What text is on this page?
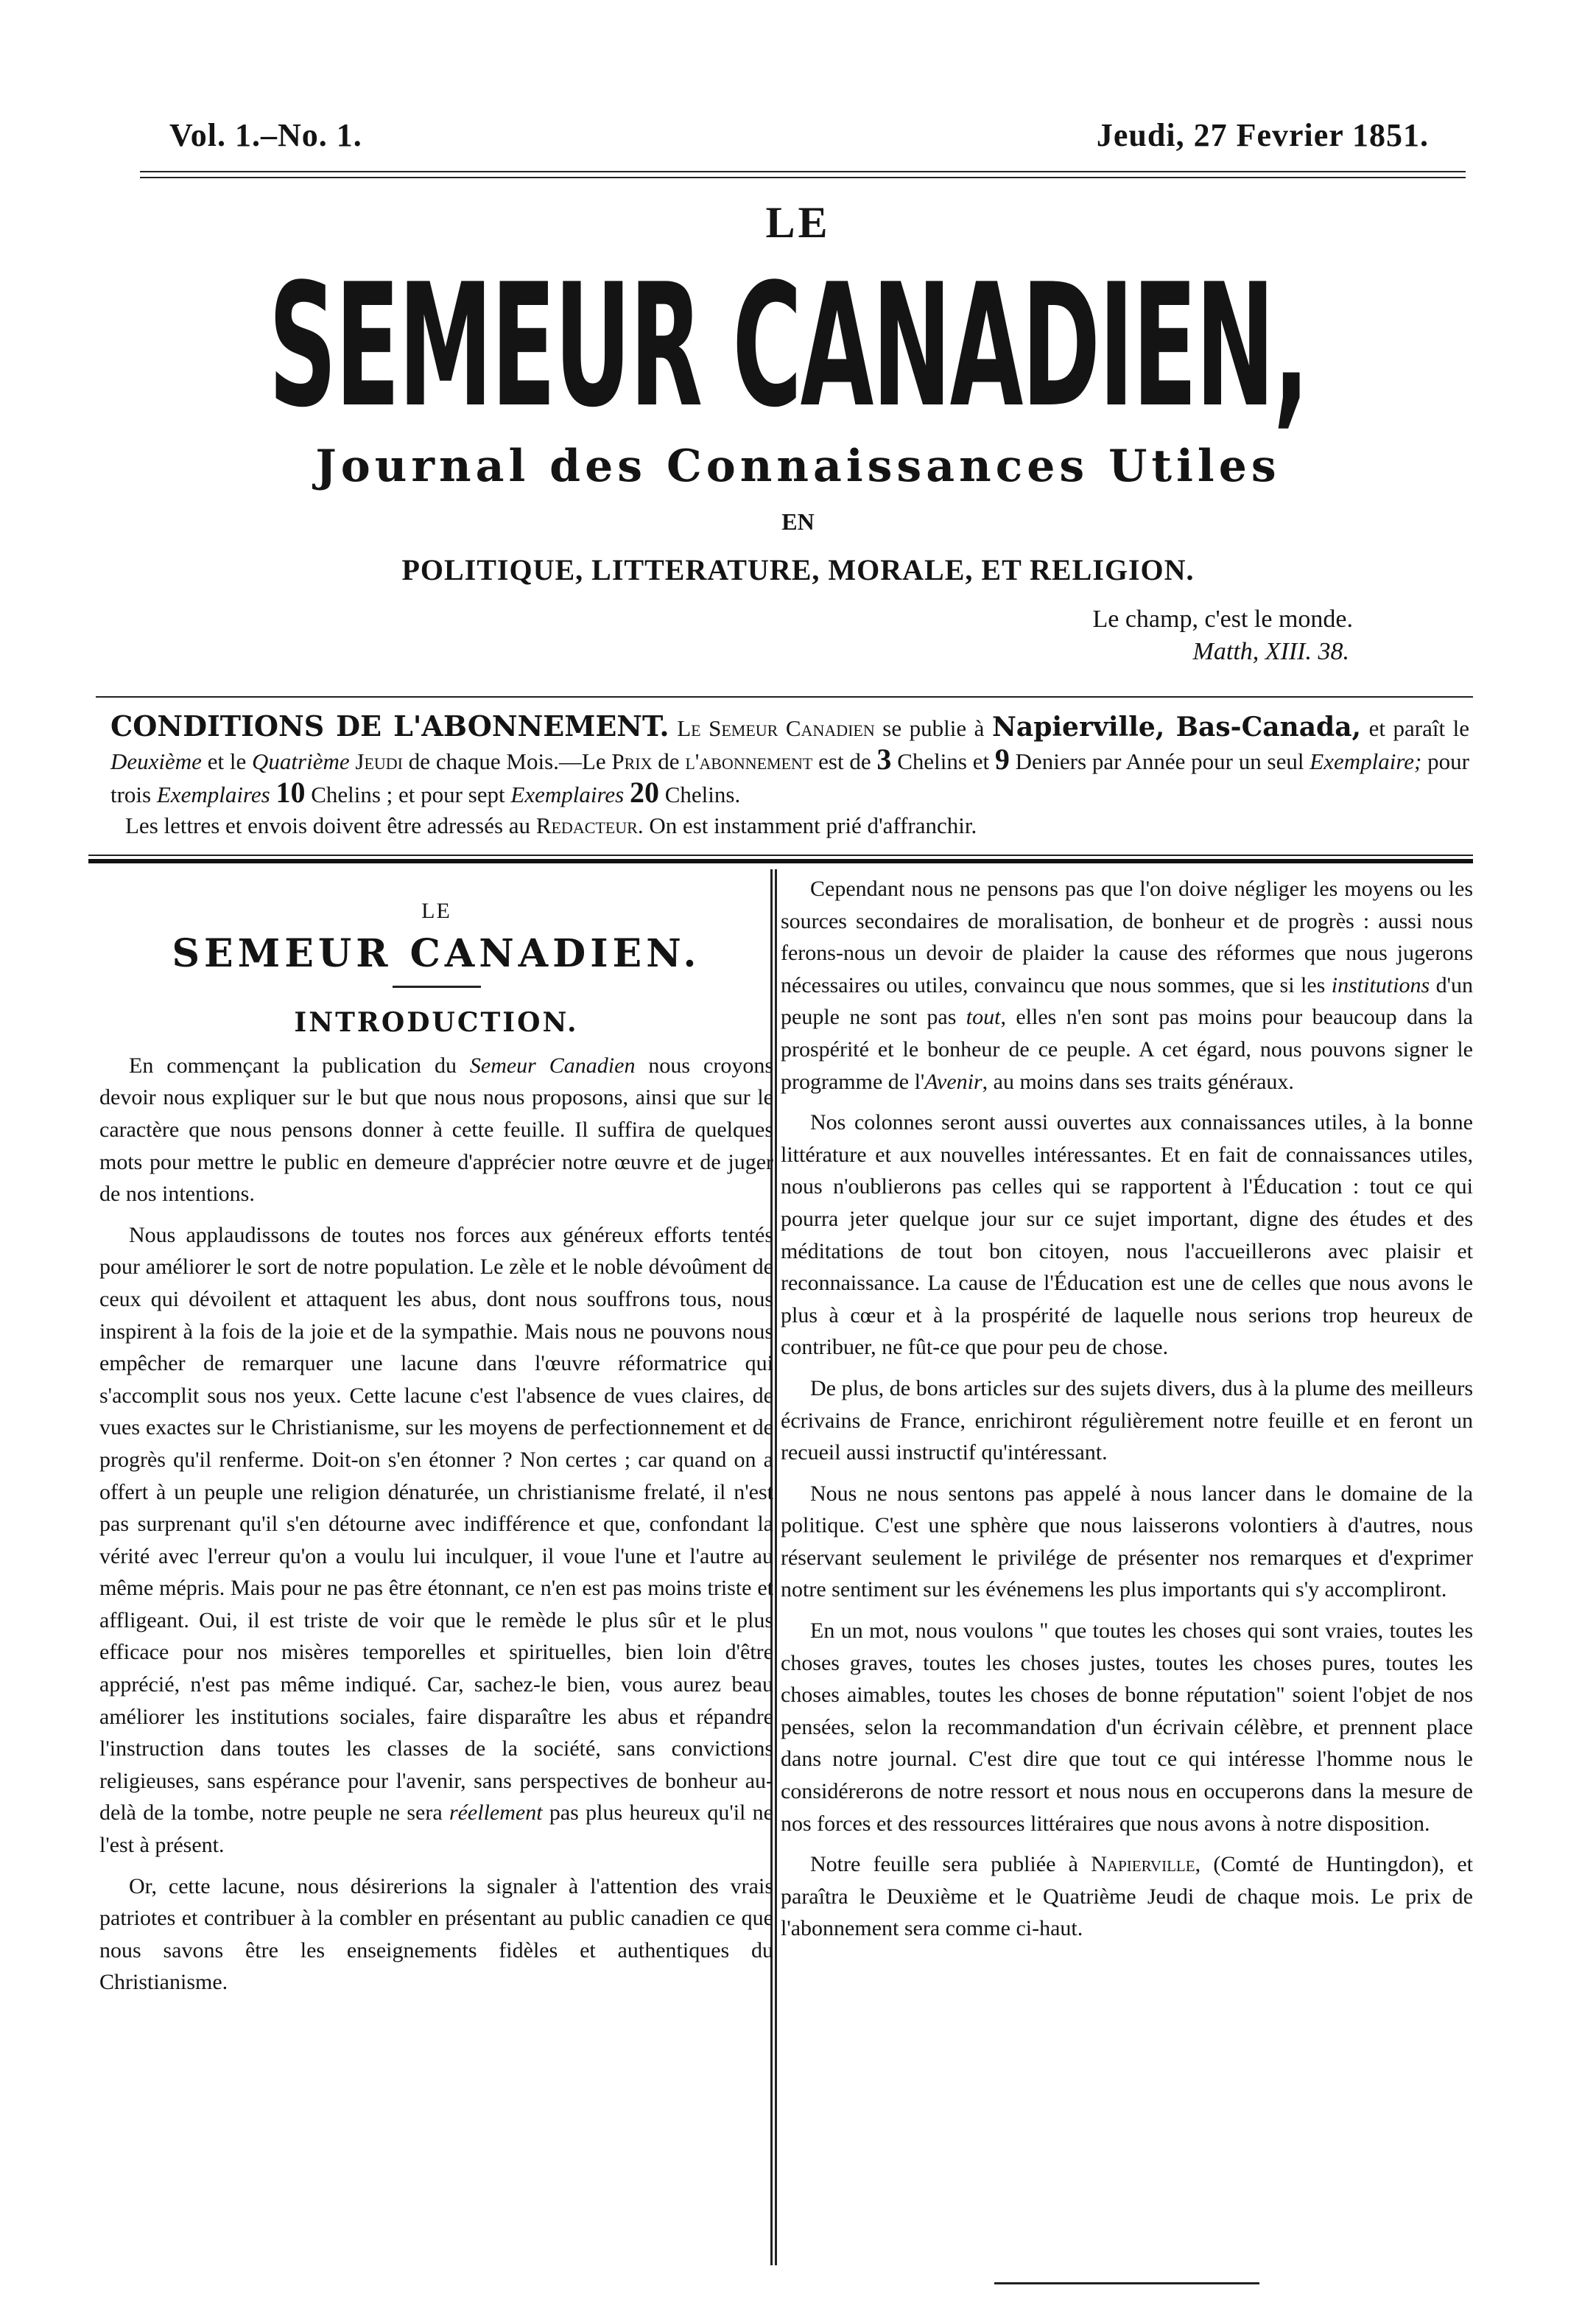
Vol. 1.–No. 1.	Jeudi, 27 Fevrier 1851.
LE
SEMEUR CANADIEN,
Journal des Connaissances Utiles
EN
POLITIQUE, LITTERATURE, MORALE, ET RELIGION.
Le champ, c'est le monde.
Matth, XIII. 38.

CONDITIONS DE L'ABONNEMENT. Le Semeur Canadien se publie à Napierville, Bas-Canada, et paraît le Deuxième et le Quatrième Jeudi de chaque Mois.—Le Prix de l'abonnement est de 3 Chelins et 9 Deniers par Année pour un seul Exemplaire; pour trois Exemplaires 10 Chelins ; et pour sept Exemplaires 20 Chelins.

Les lettres et envois doivent être adressés au Redacteur. On est instamment prié d'affranchir.

LE
SEMEUR CANADIEN.
INTRODUCTION.

En commençant la publication du Semeur Canadien nous croyons devoir nous expliquer sur le but que nous nous proposons, ainsi que sur le caractère que nous pensons donner à cette feuille. Il suffira de quelques mots pour mettre le public en demeure d'apprécier notre œuvre et de juger de nos intentions.

Nous applaudissons de toutes nos forces aux généreux efforts tentés pour améliorer le sort de notre population. Le zèle et le noble dévoûment de ceux qui dévoilent et attaquent les abus, dont nous souffrons tous, nous inspirent à la fois de la joie et de la sympathie. Mais nous ne pouvons nous empêcher de remarquer une lacune dans l'œuvre réformatrice qui s'accomplit sous nos yeux. Cette lacune c'est l'absence de vues claires, de vues exactes sur le Christianisme, sur les moyens de perfectionnement et de progrès qu'il renferme. Doit-on s'en étonner ? Non certes ; car quand on a offert à un peuple une religion dénaturée, un christianisme frelaté, il n'est pas surprenant qu'il s'en détourne avec indifférence et que, confondant la vérité avec l'erreur qu'on a voulu lui inculquer, il voue l'une et l'autre au même mépris. Mais pour ne pas être étonnant, ce n'en est pas moins triste et affligeant. Oui, il est triste de voir que le remède le plus sûr et le plus efficace pour nos misères temporelles et spirituelles, bien loin d'être apprécié, n'est pas même indiqué. Car, sachez-le bien, vous aurez beau améliorer les institutions sociales, faire disparaître les abus et répandre l'instruction dans toutes les classes de la société, sans convictions religieuses, sans espérance pour l'avenir, sans perspectives de bonheur au-delà de la tombe, notre peuple ne sera réellement pas plus heureux qu'il ne l'est à présent.

Or, cette lacune, nous désirerions la signaler à l'attention des vrais patriotes et contribuer à la combler en présentant au public canadien ce que nous savons être les enseignements fidèles et authentiques du Christianisme.

Cependant nous ne pensons pas que l'on doive négliger les moyens ou les sources secondaires de moralisation, de bonheur et de progrès : aussi nous ferons-nous un devoir de plaider la cause des réformes que nous jugerons nécessaires ou utiles, convaincu que nous sommes, que si les institutions d'un peuple ne sont pas tout, elles n'en sont pas moins pour beaucoup dans la prospérité et le bonheur de ce peuple. A cet égard, nous pouvons signer le programme de l'Avenir, au moins dans ses traits généraux.

Nos colonnes seront aussi ouvertes aux connaissances utiles, à la bonne littérature et aux nouvelles intéressantes. Et en fait de connaissances utiles, nous n'oublierons pas celles qui se rapportent à l'Éducation : tout ce qui pourra jeter quelque jour sur ce sujet important, digne des études et des méditations de tout bon citoyen, nous l'accueillerons avec plaisir et reconnaissance. La cause de l'Éducation est une de celles que nous avons le plus à cœur et à la prospérité de laquelle nous serions trop heureux de contribuer, ne fût-ce que pour peu de chose.

De plus, de bons articles sur des sujets divers, dus à la plume des meilleurs écrivains de France, enrichiront régulièrement notre feuille et en feront un recueil aussi instructif qu'intéressant.

Nous ne nous sentons pas appelé à nous lancer dans le domaine de la politique. C'est une sphère que nous laisserons volontiers à d'autres, nous réservant seulement le privilége de présenter nos remarques et d'exprimer notre sentiment sur les événemens les plus importants qui s'y accompliront.

En un mot, nous voulons " que toutes les choses qui sont vraies, toutes les choses graves, toutes les choses justes, toutes les choses pures, toutes les choses aimables, toutes les choses de bonne réputation" soient l'objet de nos pensées, selon la recommandation d'un écrivain célèbre, et prennent place dans notre journal. C'est dire que tout ce qui intéresse l'homme nous le considérerons de notre ressort et nous nous en occuperons dans la mesure de nos forces et des ressources littéraires que nous avons à notre disposition.

Notre feuille sera publiée à Napierville, (Comté de Huntingdon), et paraîtra le Deuxième et le Quatrième Jeudi de chaque mois. Le prix de l'abonnement sera comme ci-haut.
